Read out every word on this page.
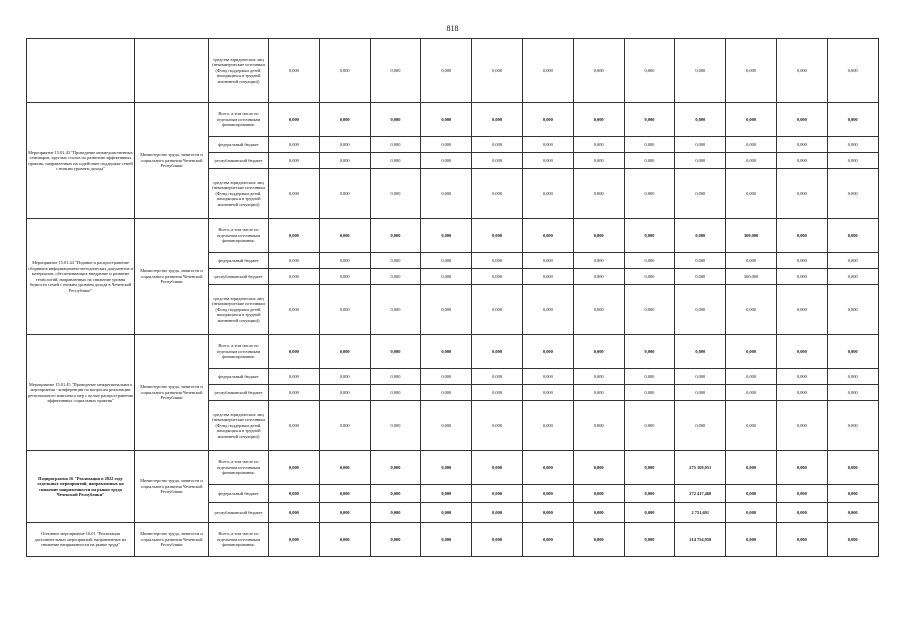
818
		средства юридических лиц (некоммерческие источники (Фонд поддержки детей, находящихся в трудной жизненной ситуации))	0,000	0,000	0,000	0,000	0,000	0,000	0,000	0,000	0,000	0,000	0,000	0,000
Мероприятие 15.01.43 "Проведение межведомственных семинаров, круглых столов по развитию эффективных практик, направленных на содействие поддержке семей с низким уровнем дохода"	Министерство труда, занятости и социального развития Чеченской Республики	Всего, в том числе по отдельным источникам финансирования:	0,000	0,000	0,000	0,000	0,000	0,000	0,000	0,000	0,000	0,000	0,000	0,000
		федеральный бюджет	0,000	0,000	0,000	0,000	0,000	0,000	0,000	0,000	0,000	0,000	0,000	0,000
		республиканский бюджет	0,000	0,000	0,000	0,000	0,000	0,000	0,000	0,000	0,000	0,000	0,000	0,000
		средства юридических лиц (некоммерческие источники (Фонд поддержки детей, находящихся в трудной жизненной ситуации))	0,000	0,000	0,000	0,000	0,000	0,000	0,000	0,000	0,000	0,000	0,000	0,000
Мероприятие 15.01.44 "Издание и распространение сборников информационно-методических документов и материалов, обеспечивающих внедрение и развитие технологий, направленных на снижение уровня бедности семей с низким уровнем дохода в Чеченской Республике"	Министерство труда, занятости и социального развития Чеченской Республики	Всего, в том числе по отдельным источникам финансирования:	0,000	0,000	0,000	0,000	0,000	0,000	0,000	0,000	0,000	300,000	0,000	0,000
		федеральный бюджет	0,000	0,000	0,000	0,000	0,000	0,000	0,000	0,000	0,000	0,000	0,000	0,000
		республиканский бюджет	0,000	0,000	0,000	0,000	0,000	0,000	0,000	0,000	0,000	300,000	0,000	0,000
		средства юридических лиц (некоммерческие источники (Фонд поддержки детей, находящихся в трудной жизненной ситуации))	0,000	0,000	0,000	0,000	0,000	0,000	0,000	0,000	0,000	0,000	0,000	0,000
Мероприятие 15.01.45 "Проведение межрегионального мероприятия - конференции по вопросам реализации регионального комплекса мер с целью распространения эффективных социальных практик"	Министерство труда, занятости и социального развития Чеченской Республики	Всего, в том числе по отдельным источникам финансирования:	0,000	0,000	0,000	0,000	0,000	0,000	0,000	0,000	0,000	0,000	0,000	0,000
		федеральный бюджет	0,000	0,000	0,000	0,000	0,000	0,000	0,000	0,000	0,000	0,000	0,000	0,000
		республиканский бюджет	0,000	0,000	0,000	0,000	0,000	0,000	0,000	0,000	0,000	0,000	0,000	0,000
		средства юридических лиц (некоммерческие источники (Фонд поддержки детей, находящихся в трудной жизненной ситуации))	0,000	0,000	0,000	0,000	0,000	0,000	0,000	0,000	0,000	0,000	0,000	0,000
Подпрограмма 16 "Реализация в 2022 году отдельных мероприятий, направленных на снижение напряженности на рынке труда Чеченской Республики"	Министерство труда, занятости и социального развития Чеченской Республики	Всего, в том числе по отдельным источникам финансирования:	0,000	0,000	0,000	0,000	0,000	0,000	0,000	0,000	275 169,051	0,000	0,000	0,000
		федеральный бюджет	0,000	0,000	0,000	0,000	0,000	0,000	0,000	0,000	272 417,460	0,000	0,000	0,000
		республиканский бюджет	0,000	0,000	0,000	0,000	0,000	0,000	0,000	0,000	2 751,691	0,000	0,000	0,000
Основное мероприятие 16.01 "Реализация дополнительных мероприятий, направленных на снижение напряженности на рынке труда"	Министерство труда, занятости и социального развития Чеченской Республики	Всего, в том числе по отдельным источникам финансирования:	0,000	0,000	0,000	0,000	0,000	0,000	0,000	0,000	214 754,950	0,000	0,000	0,000
